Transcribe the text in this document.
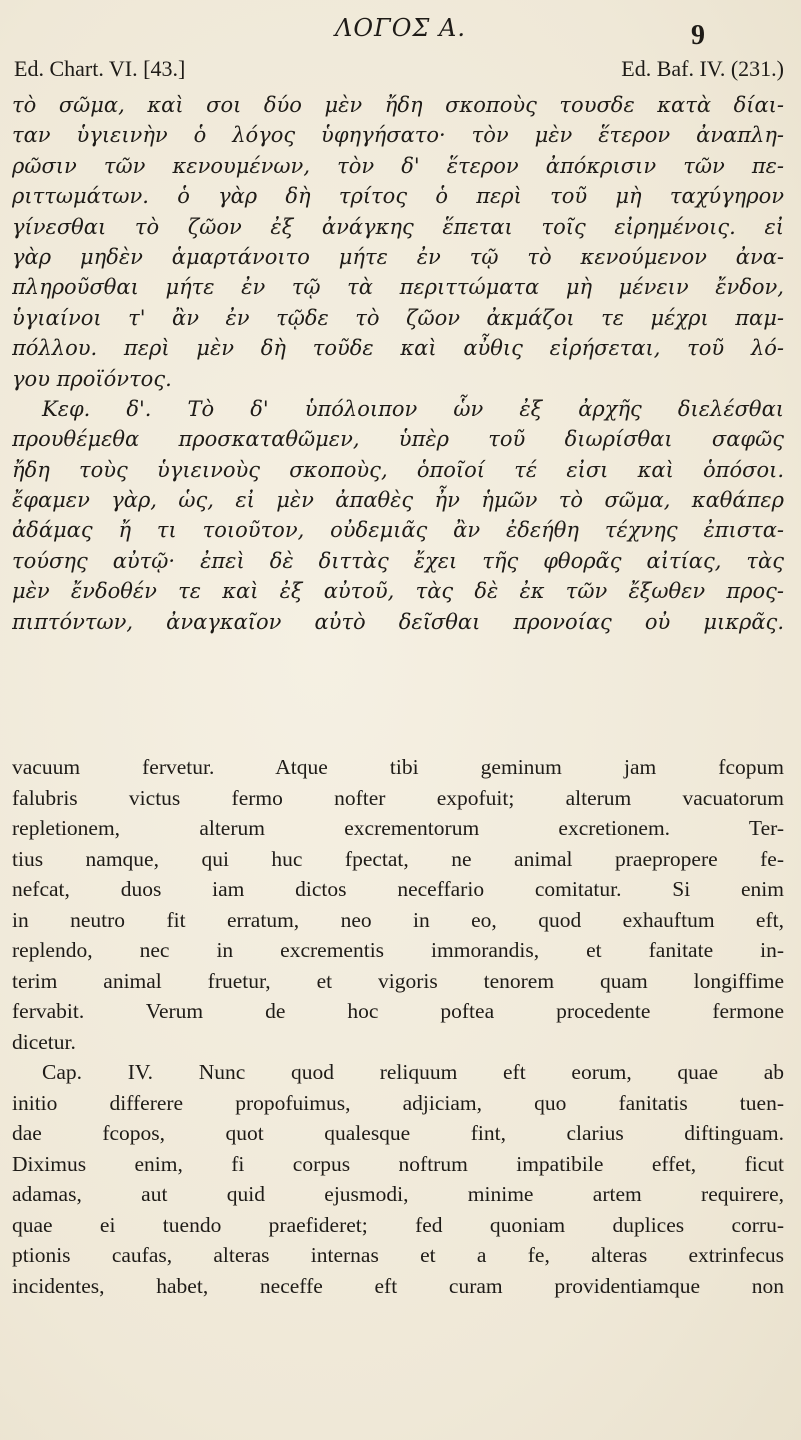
ΛΟΓΟΣ Α.	9
Ed. Chart. VI. [43.]	Ed. Baf. IV. (231.)
τὸ σῶμα, καὶ σοι δύο μὲν ἤδη σκοποὺς τουσδε κατὰ δίαι-
ταν ὑγιεινὴν ὁ λόγος ὑφηγήσατο· τὸν μὲν ἕτερον ἀναπλη-
ρῶσιν τῶν κενουμένων, τὸν δ' ἕτερον ἀπόκρισιν τῶν πε-
ριττωμάτων. ὁ γὰρ δὴ τρίτος ὁ περὶ τοῦ μὴ ταχύγηρον
γίνεσθαι τὸ ζῶον ἐξ ἀνάγκης ἕπεται τοῖς εἰρημένοις. εἰ
γὰρ μηδὲν ἁμαρτάνοιτο μήτε ἐν τῷ τὸ κενούμενον ἀνα-
πληροῦσθαι μήτε ἐν τῷ τὰ περιττώματα μὴ μένειν ἔνδον,
ὑγιαίνοι τ' ἂν ἐν τῷδε τὸ ζῶον ἀκμάζοι τε μέχρι παμ-
πόλλου. περὶ μὲν δὴ τοῦδε καὶ αὖθις εἰρήσεται, τοῦ λό-
γου προϊόντος.
Κεφ. δ'. Τὸ δ' ὑπόλοιπον ὧν ἐξ ἀρχῆς διελέσθαι
προυθέμεθα προσκαταθῶμεν, ὑπὲρ τοῦ διωρίσθαι σαφῶς
ἤδη τοὺς ὑγιεινοὺς σκοποὺς, ὁποῖοί τέ εἰσι καὶ ὁπόσοι.
ἔφαμεν γὰρ, ὡς, εἰ μὲν ἀπαθὲς ἦν ἡμῶν τὸ σῶμα, καθάπερ
ἀδάμας ἤ τι τοιοῦτον, οὐδεμιᾶς ἂν ἐδεήθη τέχνης ἐπιστα-
τούσης αὐτῷ· ἐπεὶ δὲ διττὰς ἔχει τῆς φθορᾶς αἰτίας, τὰς
μὲν ἔνδοθέν τε καὶ ἐξ αὐτοῦ, τὰς δὲ ἐκ τῶν ἔξωθεν προς-
πιπτόντων, ἀναγκαῖον αὐτὸ δεῖσθαι προνοίας οὐ μικρᾶς.
vacuum fervetur. Atque tibi geminum jam fcopum
falubris victus fermo nofter expofuit; alterum vacuatorum
repletionem, alterum excrementorum excretionem. Ter-
tius namque, qui huc fpectat, ne animal praepropere fe-
nefcat, duos iam dictos neceffario comitatur. Si enim
in neutro fit erratum, neo in eo, quod exhauftum eft,
replendo, nec in excrementis immorandis, et fanitate in-
terim animal fruetur, et vigoris tenorem quam longiffime
fervabit. Verum de hoc poftea procedente fermone
dicetur.
Cap. IV. Nunc quod reliquum eft eorum, quae ab
initio differere propofuimus, adjiciam, quo fanitatis tuen-
dae fcopos, quot qualesque fint, clarius diftinguam.
Diximus enim, fi corpus noftrum impatibile effet, ficut
adamas, aut quid ejusmodi, minime artem requirere,
quae ei tuendo praefideret; fed quoniam duplices corru-
ptionis caufas, alteras internas et a fe, alteras extrinfecus
incidentes, habet, neceffe eft curam providentiamque non
